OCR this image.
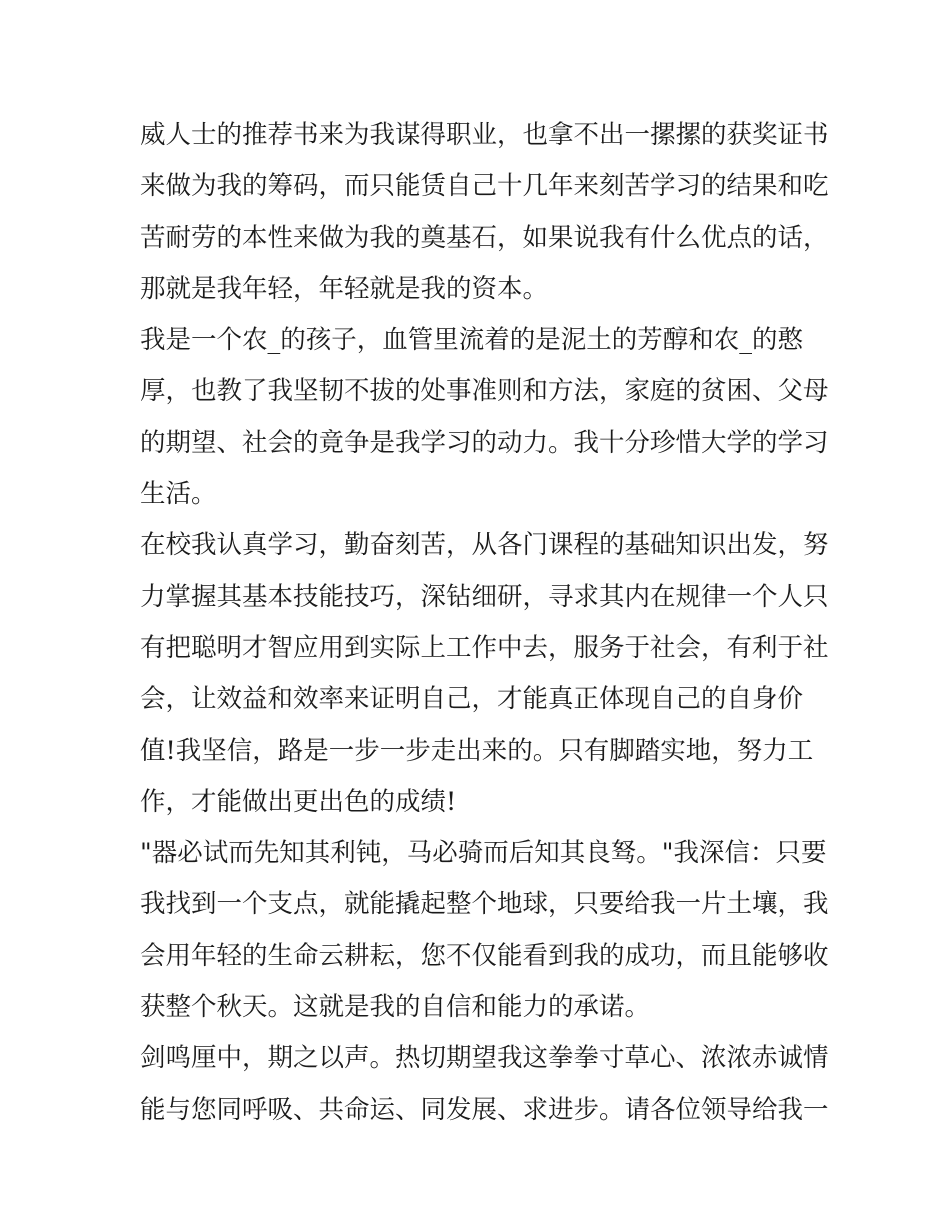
威人士的推荐书来为我谋得职业，也拿不出一摞摞的获奖证书
来做为我的筹码，而只能赁自己十几年来刻苦学习的结果和吃
苦耐劳的本性来做为我的奠基石，如果说我有什么优点的话，
那就是我年轻，年轻就是我的资本。
我是一个农_的孩子，血管里流着的是泥土的芳醇和农_的憨
厚，也教了我坚韧不拔的处事准则和方法，家庭的贫困、父母
的期望、社会的竟争是我学习的动力。我十分珍惜大学的学习
生活。
在校我认真学习，勤奋刻苦，从各门课程的基础知识出发，努
力掌握其基本技能技巧，深钻细研，寻求其内在规律一个人只
有把聪明才智应用到实际上工作中去，服务于社会，有利于社
会，让效益和效率来证明自己，才能真正体现自己的自身价
值!我坚信，路是一步一步走出来的。只有脚踏实地，努力工
作，才能做出更出色的成绩!
"器必试而先知其利钝，马必骑而后知其良驽。"我深信：只要
我找到一个支点，就能撬起整个地球，只要给我一片土壤，我
会用年轻的生命云耕耘，您不仅能看到我的成功，而且能够收
获整个秋天。这就是我的自信和能力的承诺。
剑鸣厘中，期之以声。热切期望我这拳拳寸草心、浓浓赤诚情
能与您同呼吸、共命运、同发展、求进步。请各位领导给我一
